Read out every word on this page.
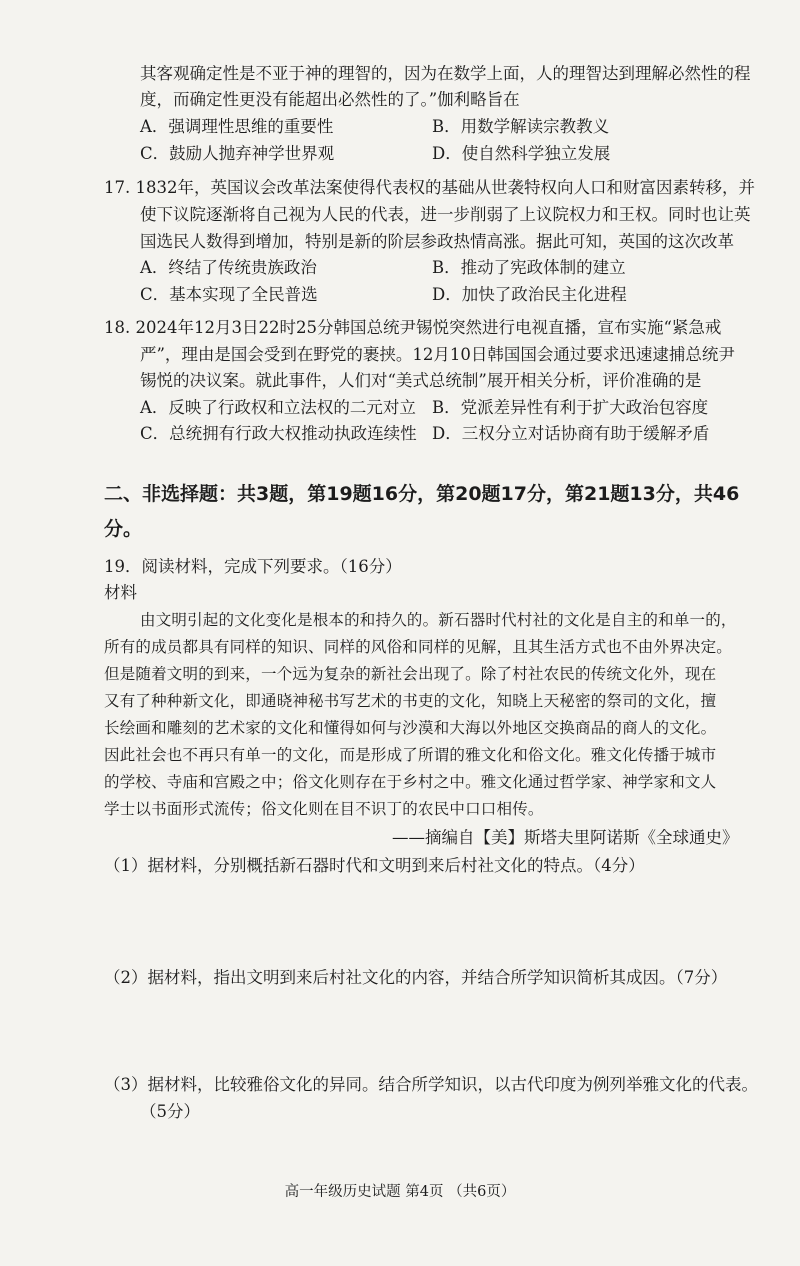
其客观确定性是不亚于神的理智的，因为在数学上面，人的理智达到理解必然性的程
度，而确定性更没有能超出必然性的了。”伽利略旨在
A．强调理性思维的重要性	B．用数学解读宗教教义
C．鼓励人抛弃神学世界观	D．使自然科学独立发展
17. 1832年，英国议会改革法案使得代表权的基础从世袭特权向人口和财富因素转移，并
使下议院逐渐将自己视为人民的代表，进一步削弱了上议院权力和王权。同时也让英
国选民人数得到增加，特别是新的阶层参政热情高涨。据此可知，英国的这次改革
A．终结了传统贵族政治	B．推动了宪政体制的建立
C．基本实现了全民普选	D．加快了政治民主化进程
18. 2024年12月3日22时25分韩国总统尹锡悦突然进行电视直播，宣布实施“紧急戒
严”，理由是国会受到在野党的裹挟。12月10日韩国国会通过要求迅速逮捕总统尹
锡悦的决议案。就此事件，人们对“美式总统制”展开相关分析，评价准确的是
A．反映了行政权和立法权的二元对立 B．党派差异性有利于扩大政治包容度
C．总统拥有行政大权推动执政连续性 D．三权分立对话协商有助于缓解矛盾
二、非选择题：共3题，第19题16分，第20题17分，第21题13分，共46
分。
19．阅读材料，完成下列要求。（16分）
材料
由文明引起的文化变化是根本的和持久的。新石器时代村社的文化是自主的和单一的，
所有的成员都具有同样的知识、同样的风俗和同样的见解，且其生活方式也不由外界决定。
但是随着文明的到来，一个远为复杂的新社会出现了。除了村社农民的传统文化外，现在
又有了种种新文化，即通晓神秘书写艺术的书吏的文化，知晓上天秘密的祭司的文化，擅
长绘画和雕刻的艺术家的文化和懂得如何与沙漠和大海以外地区交换商品的商人的文化。
因此社会也不再只有单一的文化，而是形成了所谓的雅文化和俗文化。雅文化传播于城市
的学校、寺庙和宫殿之中；俗文化则存在于乡村之中。雅文化通过哲学家、神学家和文人
学士以书面形式流传；俗文化则在目不识丁的农民中口口相传。
——摘编自【美】斯塔夫里阿诺斯《全球通史》
（1）据材料，分别概括新石器时代和文明到来后村社文化的特点。（4分）
（2）据材料，指出文明到来后村社文化的内容，并结合所学知识简析其成因。（7分）
（3）据材料，比较雅俗文化的异同。结合所学知识，以古代印度为例列举雅文化的代表。
（5分）
高一年级历史试题 第4页 （共6页）
